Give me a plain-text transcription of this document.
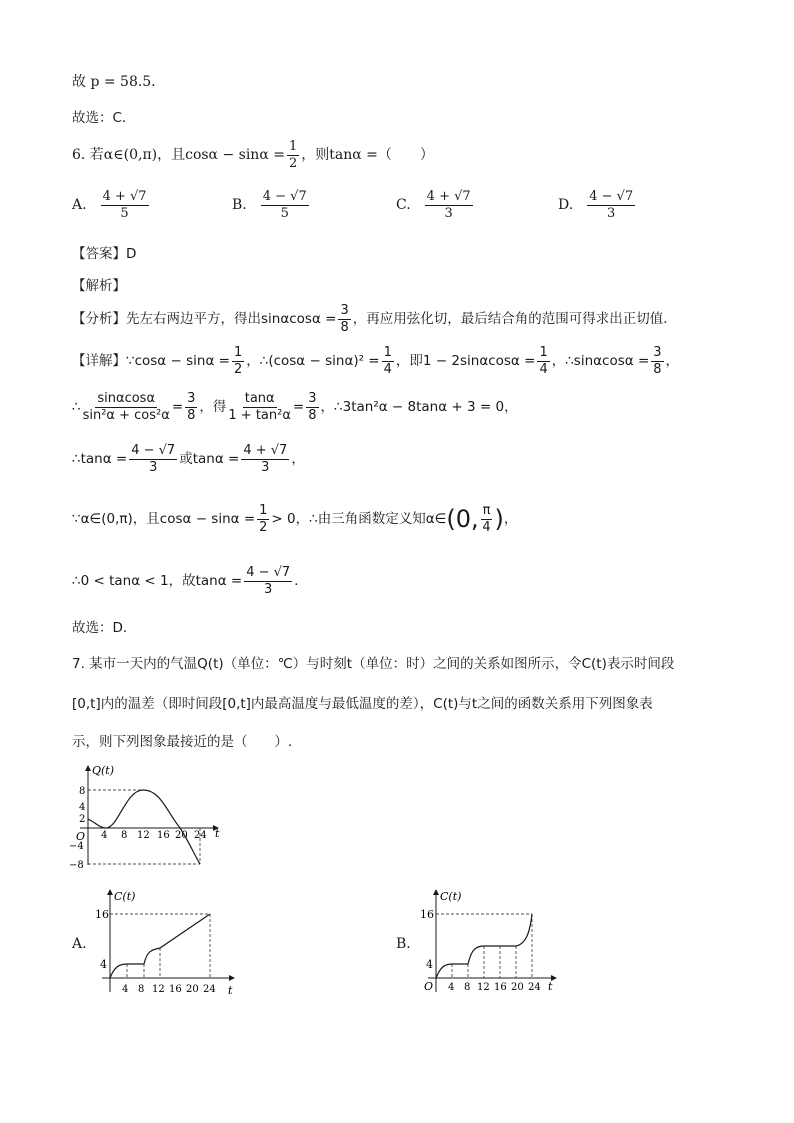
故 p = 58.5．
故选：C．
6. 若α∈(0,π)，且$\cos\alpha - \sin\alpha = \frac{1}{2}$ ，则tanα =（　　）
A. $\frac{4 + √7}{5}$	B. $\frac{4 - √7}{5}$	C. $\frac{4 + √7}{3}$	D. $\frac{4 - √7}{3}$
【答案】D
【解析】
【分析】先左右两边平方，得出$\sin\alpha\cos\alpha = \frac{3}{8}$ ，再应用弦化切，最后结合角的范围可得求出正切值．
【详解】∵cosα − $\sin\alpha = \frac{1}{2}$ ，∴(cosα − $\sin\alpha)^2 = \frac{1}{4}$ ，即$1 - 2\sin\alpha\cos\alpha = \frac{1}{4}$ ，∴sinαcosα = $\frac{3}{8}$ ，
∴ $\frac{\sin\alpha\cos\alpha}{\text{sin²α + cos²α}} = \frac{3}{8}$ ，得 $\frac{\tan\alpha}{\text{1 + tan²α}} = \frac{3}{8}$ ，∴3tan²α − 8tanα + 3 = 0，
∴tanα = $\frac{4 - √7}{3}$ 或$\tan\alpha = \frac{4 + √7}{3}$ ，
∵α∈(0,π)，且$\cos\alpha - \sin\alpha = \frac{1}{2} > 0$，∴由三角函数定义知α∈ (0, $\frac{\pi}{4}$ ) ，
∴0 < tanα < 1，故$\tan\alpha = \frac{4 - √7}{3}$ ．
故选：D.
7. 某市一天内的气温Q(t)（单位：℃）与时刻t（单位：时）之间的关系如图所示，令C(t)表示时间段
[0,t]内的温差（即时间段[0,t]内最高温度与最低温度的差），C(t)与t之间的函数关系用下列图象表
示，则下列图象最接近的是（　　）.
Q(t)
t
O
8
4
2
−4
−8
4 8 12 16 20 24
A.
C(t)
t
16
4
4 8 12 16 20 24
B.
C(t)
t
O
16
4
4 8 12 16 20 24
